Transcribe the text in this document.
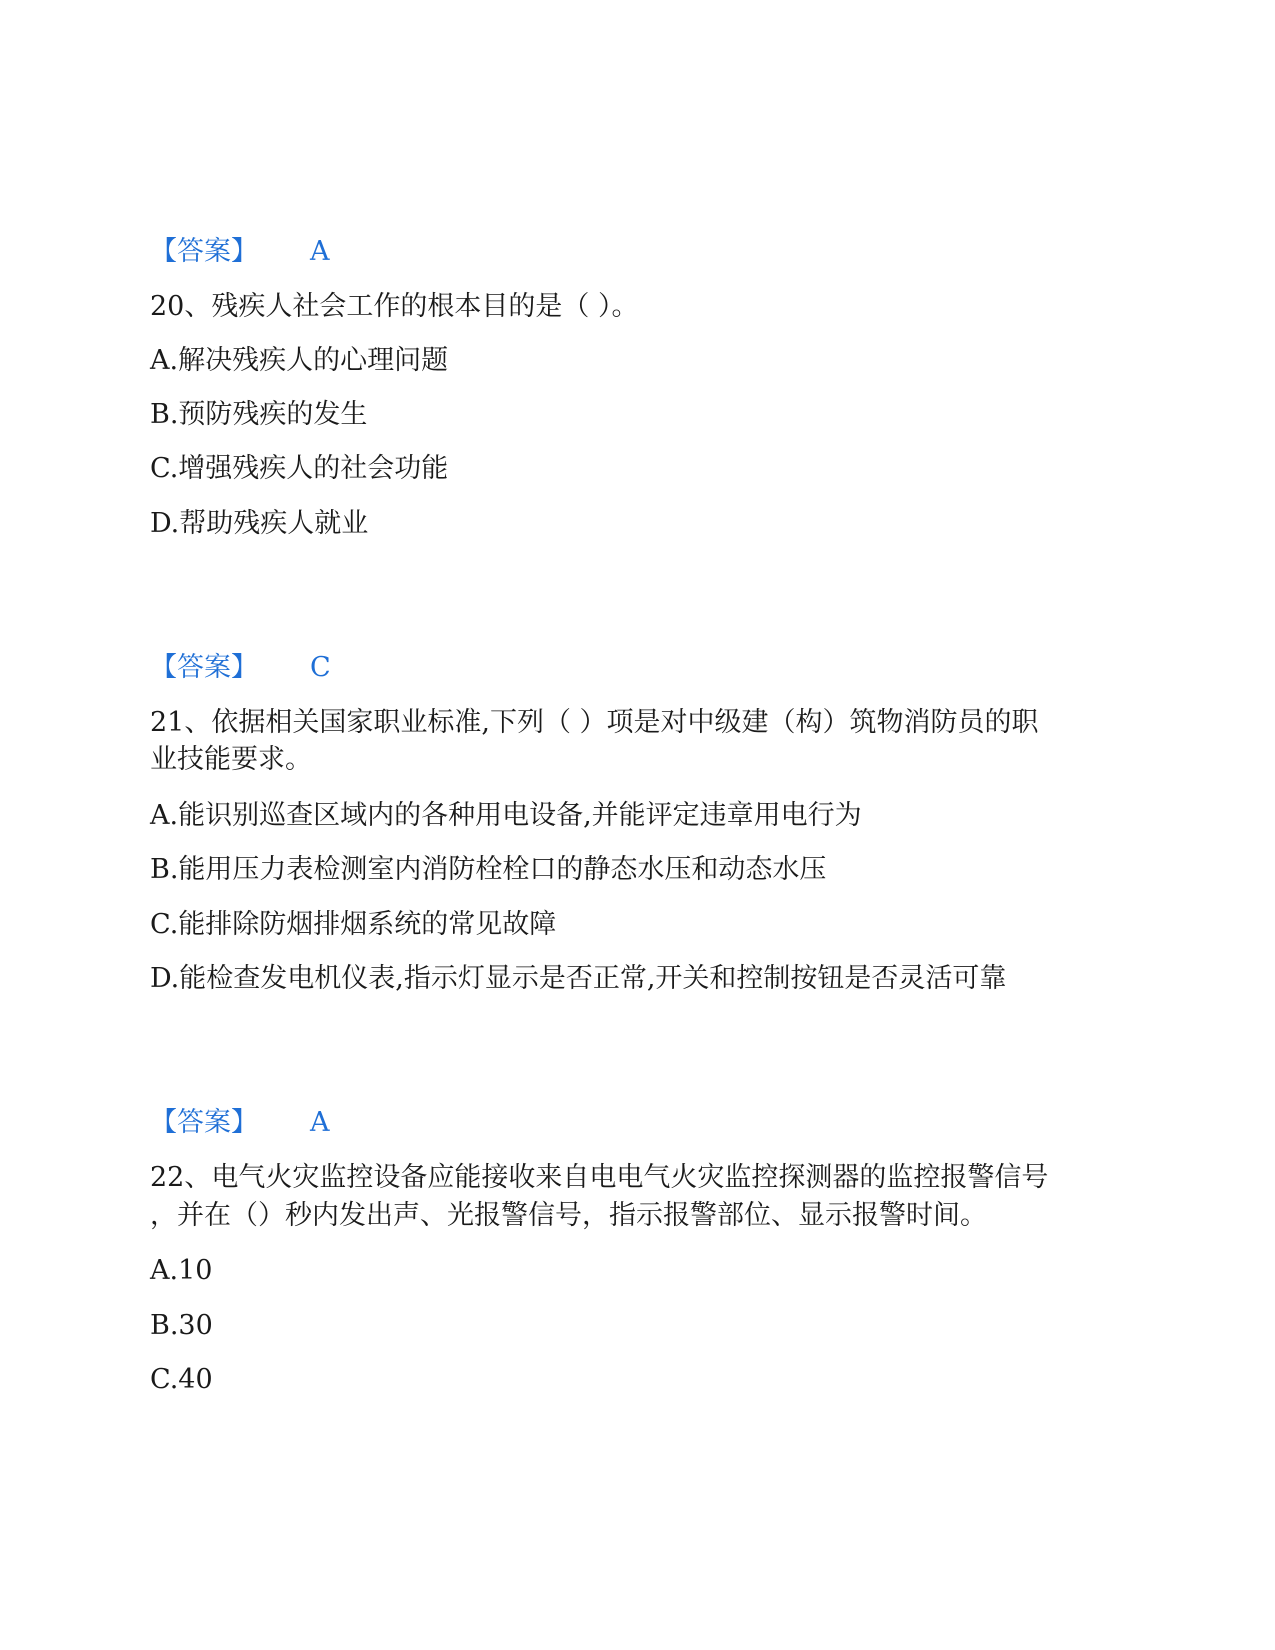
【答案】 A
20、残疾人社会工作的根本目的是（ ）。
A.解决残疾人的心理问题
B.预防残疾的发生
C.增强残疾人的社会功能
D.帮助残疾人就业
【答案】 C
21、依据相关国家职业标准,下列（ ）项是对中级建（构）筑物消防员的职
业技能要求。
A.能识别巡查区域内的各种用电设备,并能评定违章用电行为
B.能用压力表检测室内消防栓栓口的静态水压和动态水压
C.能排除防烟排烟系统的常见故障
D.能检查发电机仪表,指示灯显示是否正常,开关和控制按钮是否灵活可靠
【答案】 A
22、电气火灾监控设备应能接收来自电电气火灾监控探测器的监控报警信号
，并在（）秒内发出声、光报警信号，指示报警部位、显示报警时间。
A.10
B.30
C.40
